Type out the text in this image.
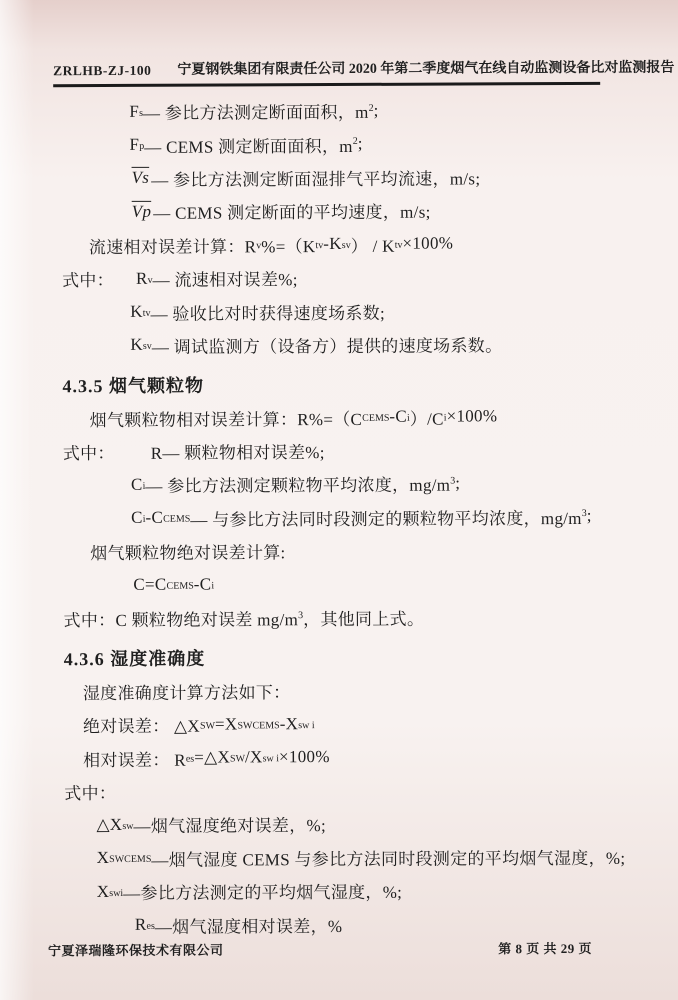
ZRLHB-ZJ-100 宁夏钢铁集团有限责任公司 2020 年第二季度烟气在线自动监测设备比对监测报告
F s — 参比方法测定断面面积，m 2 ;
F p — CEMS 测定断面面积，m 2 ;
$\overline{Vs}$ — 参比方法测定断面湿排气平均流速，m/s;
$\overline{Vp}$ — CEMS 测定断面的平均速度，m/s;
流速相对误差计算：R v %=（K tv -K sv ） / K tv ×100%
式中： R v — 流速相对误差%;
K tv — 验收比对时获得速度场系数;
K sv — 调试监测方（设备方）提供的速度场系数。
4.3.5 烟气颗粒物
烟气颗粒物相对误差计算：R%=（C CEMS -C i ）/C i ×100%
式中： R— 颗粒物相对误差%;
C i — 参比方法测定颗粒物平均浓度，mg/m 3 ;
C i -C CEMS — 与参比方法同时段测定的颗粒物平均浓度，mg/m 3 ;
烟气颗粒物绝对误差计算:
C=C CEMS -C i
式中：C 颗粒物绝对误差 mg/m 3 ，其他同上式。
4.3.6 湿度准确度
湿度准确度计算方法如下：
绝对误差： △X SW =X SWCEMS -X sw i
相对误差： R es =△X SW /X sw i ×100%
式中：
△X sw —烟气湿度绝对误差，%;
X SWCEMS —烟气湿度 CEMS 与参比方法同时段测定的平均烟气湿度，%;
X swi —参比方法测定的平均烟气湿度，%;
R es —烟气湿度相对误差，%
宁夏泽瑞隆环保技术有限公司	第 8 页 共 29 页
